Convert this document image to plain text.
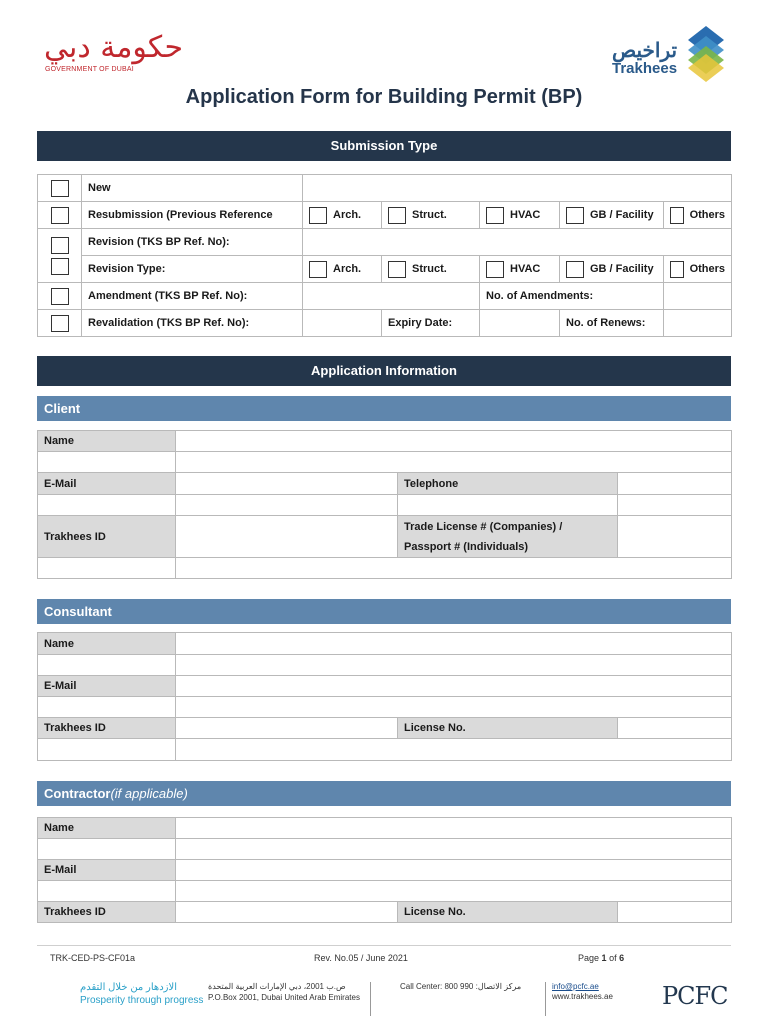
حكومة دبي
GOVERNMENT OF DUBAI
تراخيص
Trakhees
Application Form for Building Permit (BP)
Submission Type
	New					
	Resubmission (Previous Reference	Arch.	Struct.	HVAC	GB / Facility	Others

	Revision (TKS BP Ref. No):					
	Revision Type:	Arch.	Struct.	HVAC	GB / Facility	Others

	Amendment (TKS BP Ref. No):			No. of Amendments:		
	Revalidation (TKS BP Ref. No):		Expiry Date:		No. of Renews:	
Application Information
Client
Name			

E-Mail		Telephone	

Trakhees ID		Trade License # (Companies) /
Passport # (Individuals)	

Consultant
Name			

E-Mail			

Trakhees ID		License No.	

Contractor(if applicable)
Name			

E-Mail			

Trakhees ID		License No.	
TRK-CED-PS-CF01a	Rev. No.05 / June 2021	Page 1 of 6
الازدهار من خلال التقدم
Prosperity through progress
ص.ب 2001، دبي الإمارات العربية المتحدة
P.O.Box 2001, Dubai United Arab Emirates
Call Center: 800 990 :مركز الاتصال	info@pcfc.ae
www.trakhees.ae PCFC
